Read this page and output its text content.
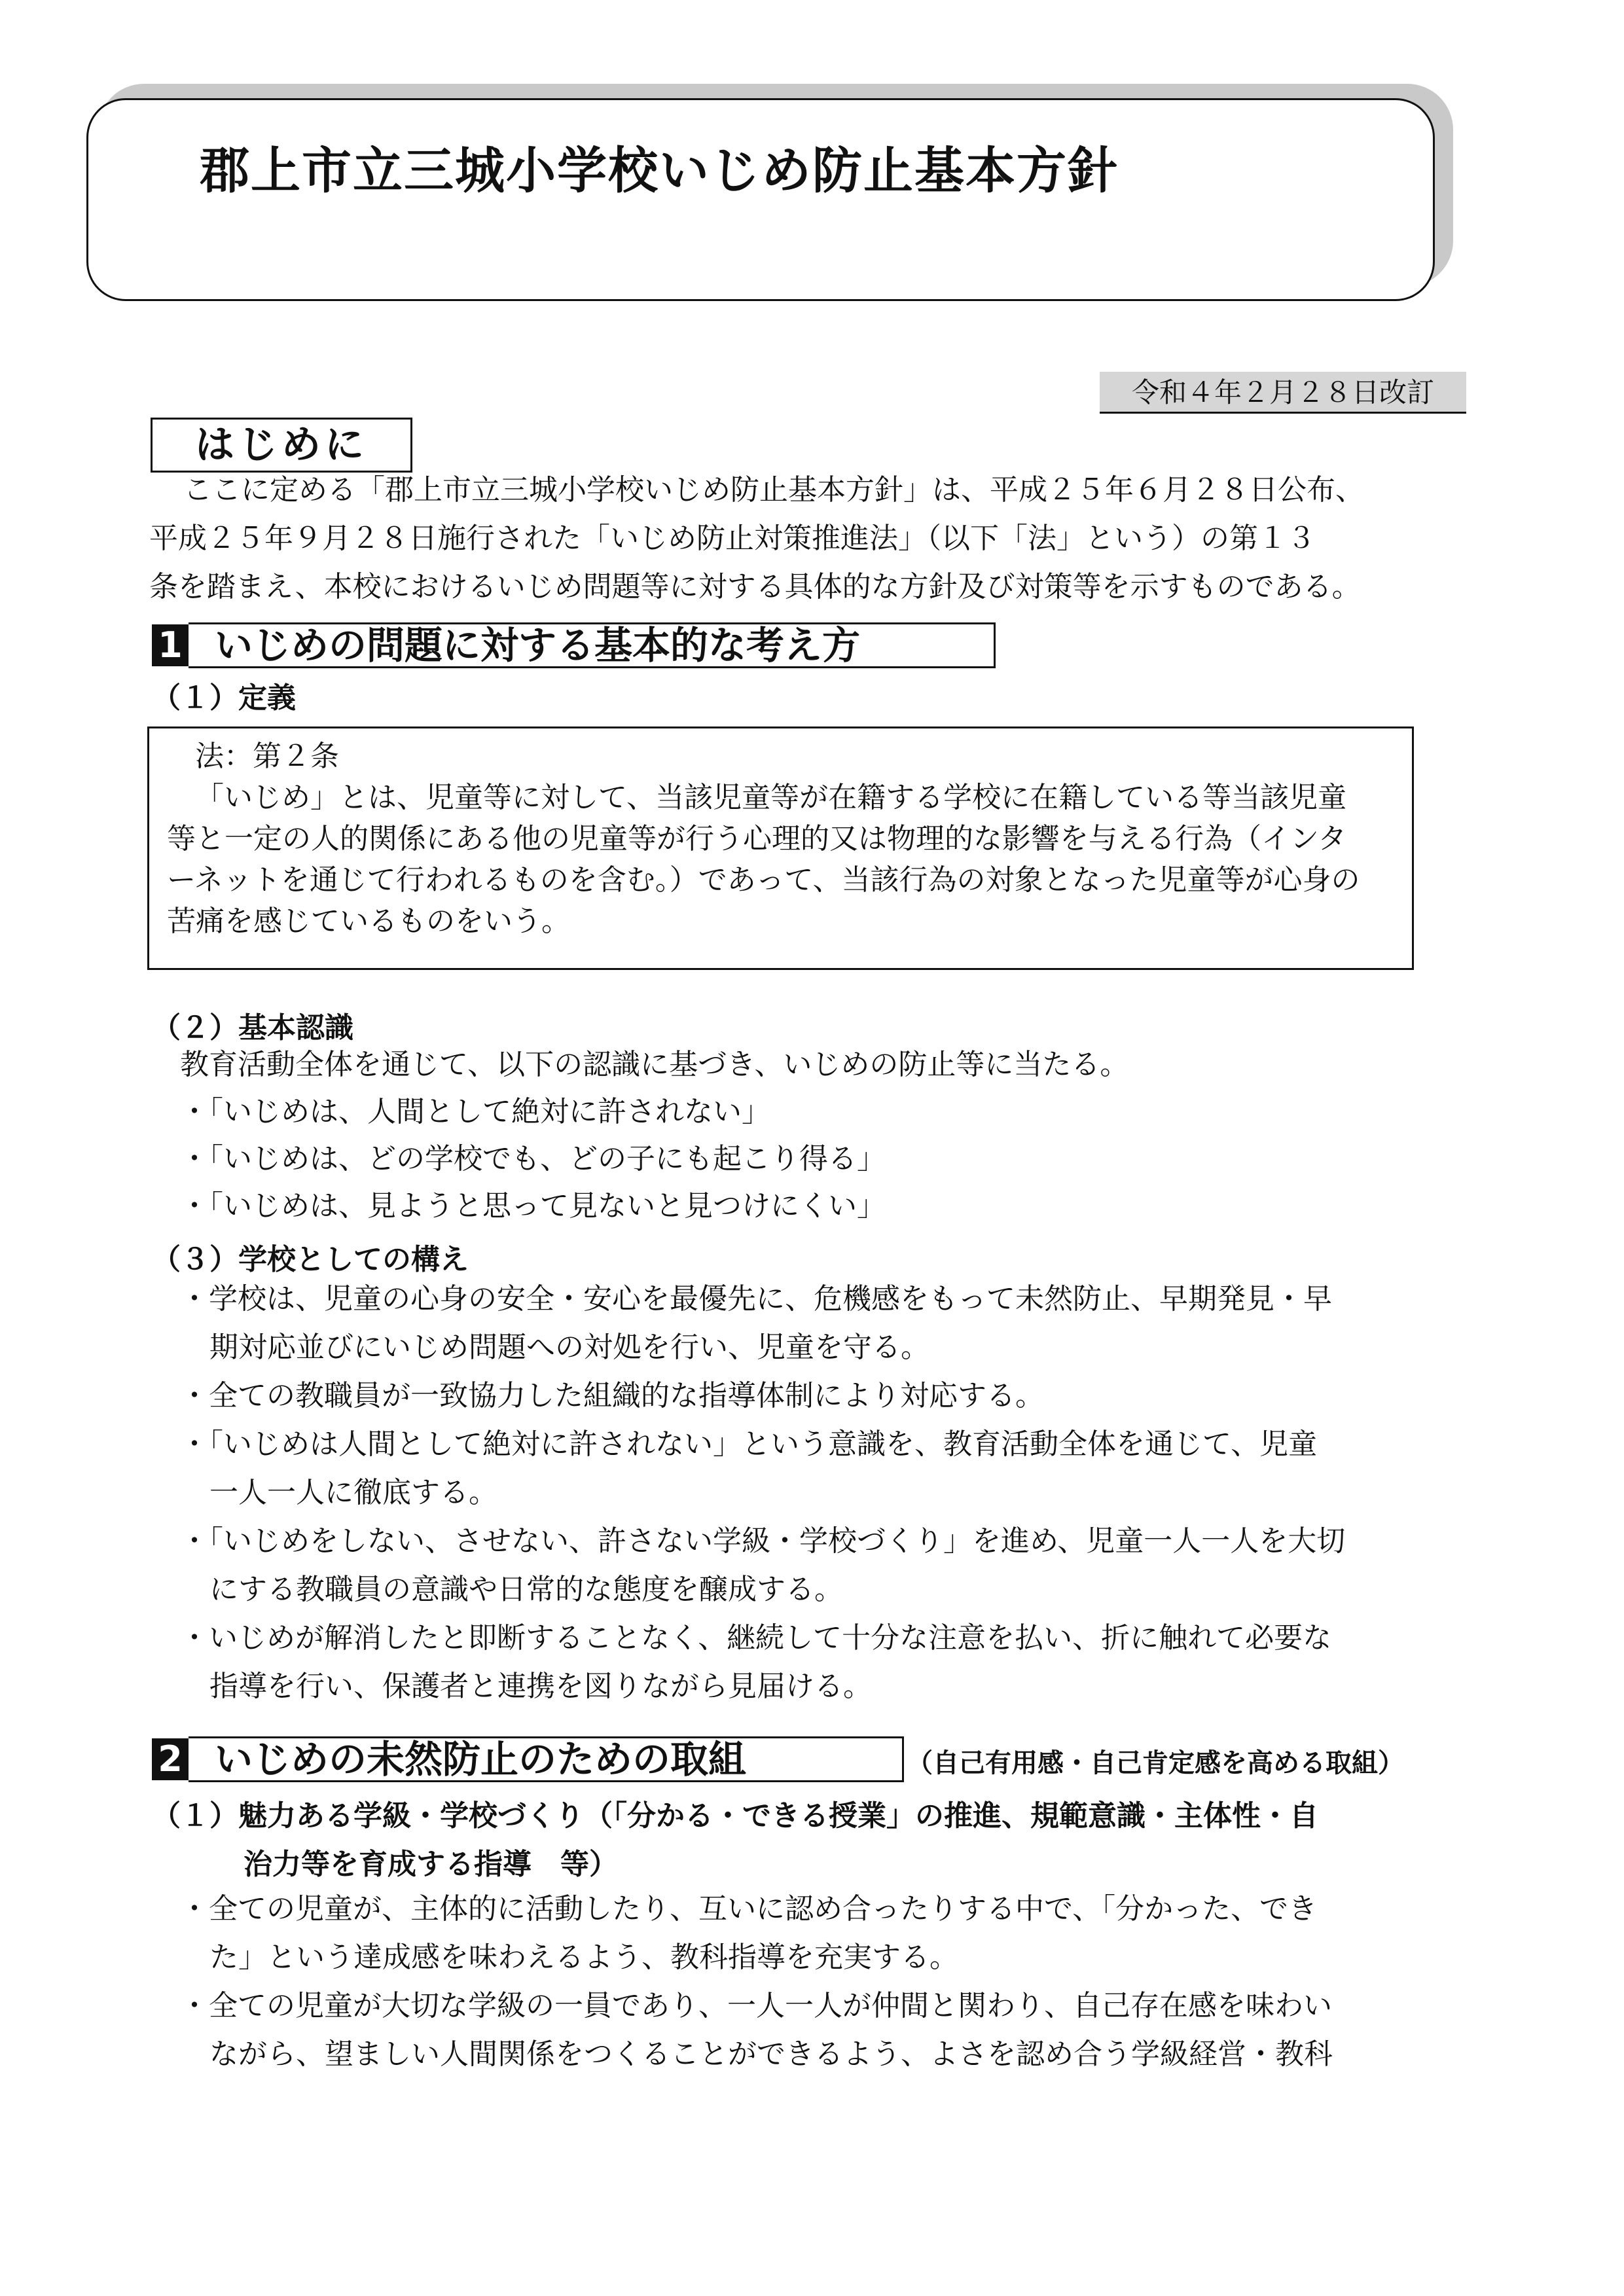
郡上市立三城小学校いじめ防止基本方針
令和４年２月２８日改訂
はじめに
ここに定める「郡上市立三城小学校いじめ防止基本方針」は、平成２５年６月２８日公布、
平成２５年９月２８日施行された「いじめ防止対策推進法」（以下「法」という）の第１３
条を踏まえ、本校におけるいじめ問題等に対する具体的な方針及び対策等を示すものである。
1 いじめの問題に対する基本的な考え方
（１）定義
法：第２条
「いじめ」とは、児童等に対して、当該児童等が在籍する学校に在籍している等当該児童
等と一定の人的関係にある他の児童等が行う心理的又は物理的な影響を与える行為（インタ
ーネットを通じて行われるものを含む。）であって、当該行為の対象となった児童等が心身の
苦痛を感じているものをいう。
（２）基本認識
教育活動全体を通じて、以下の認識に基づき、いじめの防止等に当たる。
・「いじめは、人間として絶対に許されない」
・「いじめは、どの学校でも、どの子にも起こり得る」
・「いじめは、見ようと思って見ないと見つけにくい」
（３）学校としての構え
・学校は、児童の心身の安全・安心を最優先に、危機感をもって未然防止、早期発見・早
期対応並びにいじめ問題への対処を行い、児童を守る。
・全ての教職員が一致協力した組織的な指導体制により対応する。
・「いじめは人間として絶対に許されない」という意識を、教育活動全体を通じて、児童
一人一人に徹底する。
・「いじめをしない、させない、許さない学級・学校づくり」を進め、児童一人一人を大切
にする教職員の意識や日常的な態度を醸成する。
・いじめが解消したと即断することなく、継続して十分な注意を払い、折に触れて必要な
指導を行い、保護者と連携を図りながら見届ける。
2 いじめの未然防止のための取組	（自己有用感・自己肯定感を高める取組）
（１）魅力ある学級・学校づくり（「分かる・できる授業」の推進、規範意識・主体性・自
治力等を育成する指導　等）
・全ての児童が、主体的に活動したり、互いに認め合ったりする中で、「分かった、でき
た」という達成感を味わえるよう、教科指導を充実する。
・全ての児童が大切な学級の一員であり、一人一人が仲間と関わり、自己存在感を味わい
ながら、望ましい人間関係をつくることができるよう、よさを認め合う学級経営・教科
